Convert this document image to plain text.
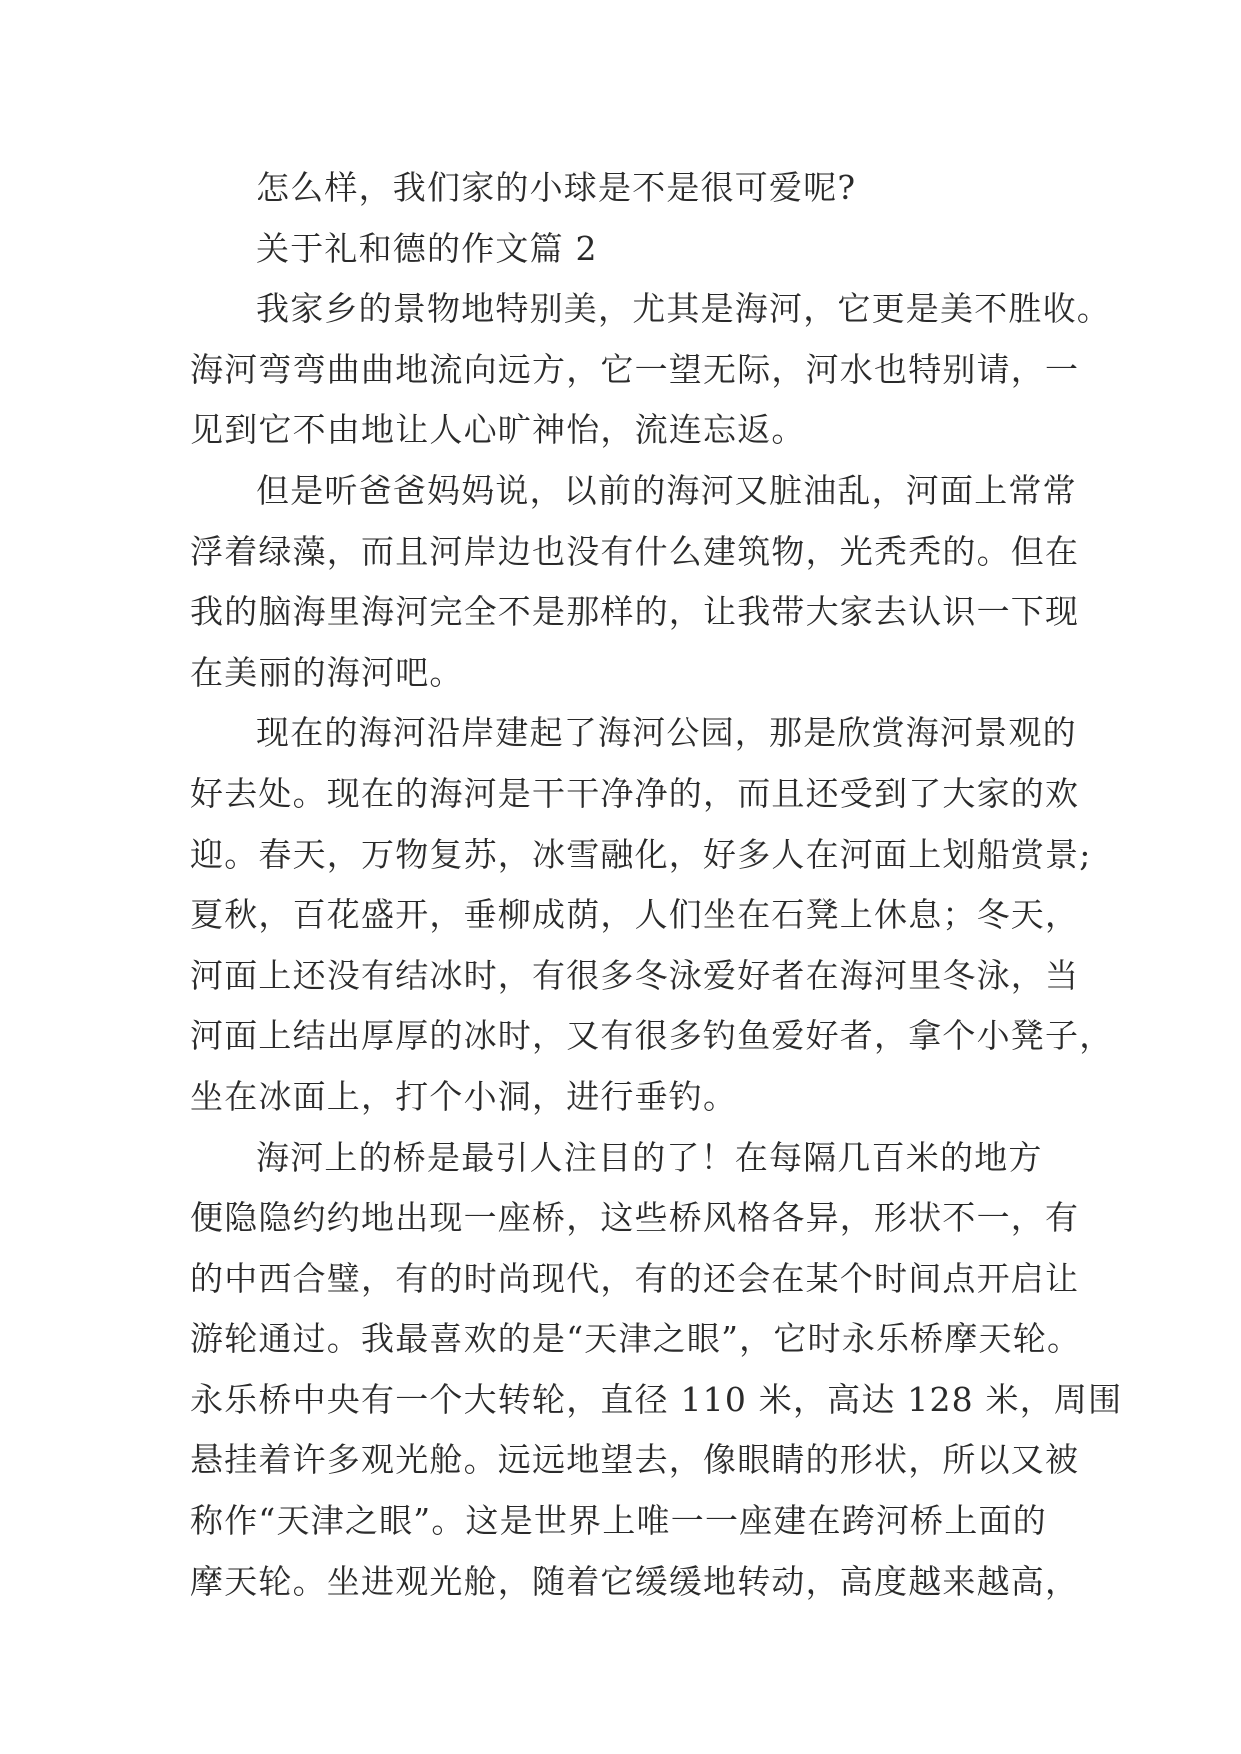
怎么样，我们家的小球是不是很可爱呢?

关于礼和德的作文篇 2

我家乡的景物地特别美，尤其是海河，它更是美不胜收。
海河弯弯曲曲地流向远方，它一望无际，河水也特别请，一
见到它不由地让人心旷神怡，流连忘返。

但是听爸爸妈妈说，以前的海河又脏油乱，河面上常常
浮着绿藻，而且河岸边也没有什么建筑物，光秃秃的。但在
我的脑海里海河完全不是那样的，让我带大家去认识一下现
在美丽的海河吧。

现在的海河沿岸建起了海河公园，那是欣赏海河景观的
好去处。现在的海河是干干净净的，而且还受到了大家的欢
迎。春天，万物复苏，冰雪融化，好多人在河面上划船赏景;
夏秋，百花盛开，垂柳成荫，人们坐在石凳上休息；冬天，
河面上还没有结冰时，有很多冬泳爱好者在海河里冬泳，当
河面上结出厚厚的冰时，又有很多钓鱼爱好者，拿个小凳子，
坐在冰面上，打个小洞，进行垂钓。

海河上的桥是最引人注目的了！在每隔几百米的地方
便隐隐约约地出现一座桥，这些桥风格各异，形状不一，有
的中西合璧，有的时尚现代，有的还会在某个时间点开启让
游轮通过。我最喜欢的是“天津之眼”，它时永乐桥摩天轮。
永乐桥中央有一个大转轮，直径 110 米，高达 128 米，周围
悬挂着许多观光舱。远远地望去，像眼睛的形状，所以又被
称作“天津之眼”。这是世界上唯一一座建在跨河桥上面的
摩天轮。坐进观光舱，随着它缓缓地转动，高度越来越高，
